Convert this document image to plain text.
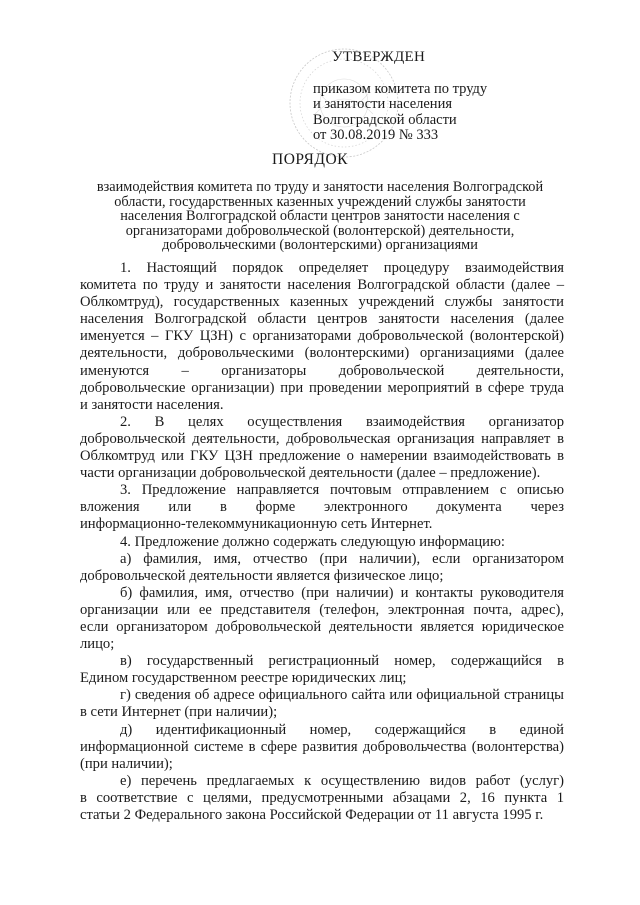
УТВЕРЖДЕН
приказом комитета по труду
и занятости населения
Волгоградской области
от 30.08.2019 № 333
ПОРЯДОК
взаимодействия комитета по труду и занятости населения Волгоградской
области, государственных казенных учреждений службы занятости
населения Волгоградской области центров занятости населения с
организаторами добровольческой (волонтерской) деятельности,
добровольческими (волонтерскими) организациями

1. Настоящий порядок определяет процедуру взаимодействия
комитета по труду и занятости населения Волгоградской области (далее –
Облкомтруд), государственных казенных учреждений службы занятости
населения Волгоградской области центров занятости населения (далее
именуется – ГКУ ЦЗН) с организаторами добровольческой (волонтерской)
деятельности, добровольческими (волонтерскими) организациями (далее
именуются – организаторы добровольческой деятельности,
добровольческие организации) при проведении мероприятий в сфере труда
и занятости населения.

2. В целях осуществления взаимодействия организатор
добровольческой деятельности, добровольческая организация направляет в
Облкомтруд или ГКУ ЦЗН предложение о намерении взаимодействовать в
части организации добровольческой деятельности (далее – предложение).

3. Предложение направляется почтовым отправлением с описью
вложения или в форме электронного документа через
информационно-телекоммуникационную сеть Интернет.

4. Предложение должно содержать следующую информацию:

а) фамилия, имя, отчество (при наличии), если организатором
добровольческой деятельности является физическое лицо;

б) фамилия, имя, отчество (при наличии) и контакты руководителя
организации или ее представителя (телефон, электронная почта, адрес),
если организатором добровольческой деятельности является юридическое
лицо;

в) государственный регистрационный номер, содержащийся в
Едином государственном реестре юридических лиц;

г) сведения об адресе официального сайта или официальной страницы
в сети Интернет (при наличии);

д) идентификационный номер, содержащийся в единой
информационной системе в сфере развития добровольчества (волонтерства)
(при наличии);

е) перечень предлагаемых к осуществлению видов работ (услуг)
в соответствие с целями, предусмотренными абзацами 2, 16 пункта 1
статьи 2 Федерального закона Российской Федерации от 11 августа 1995 г.
